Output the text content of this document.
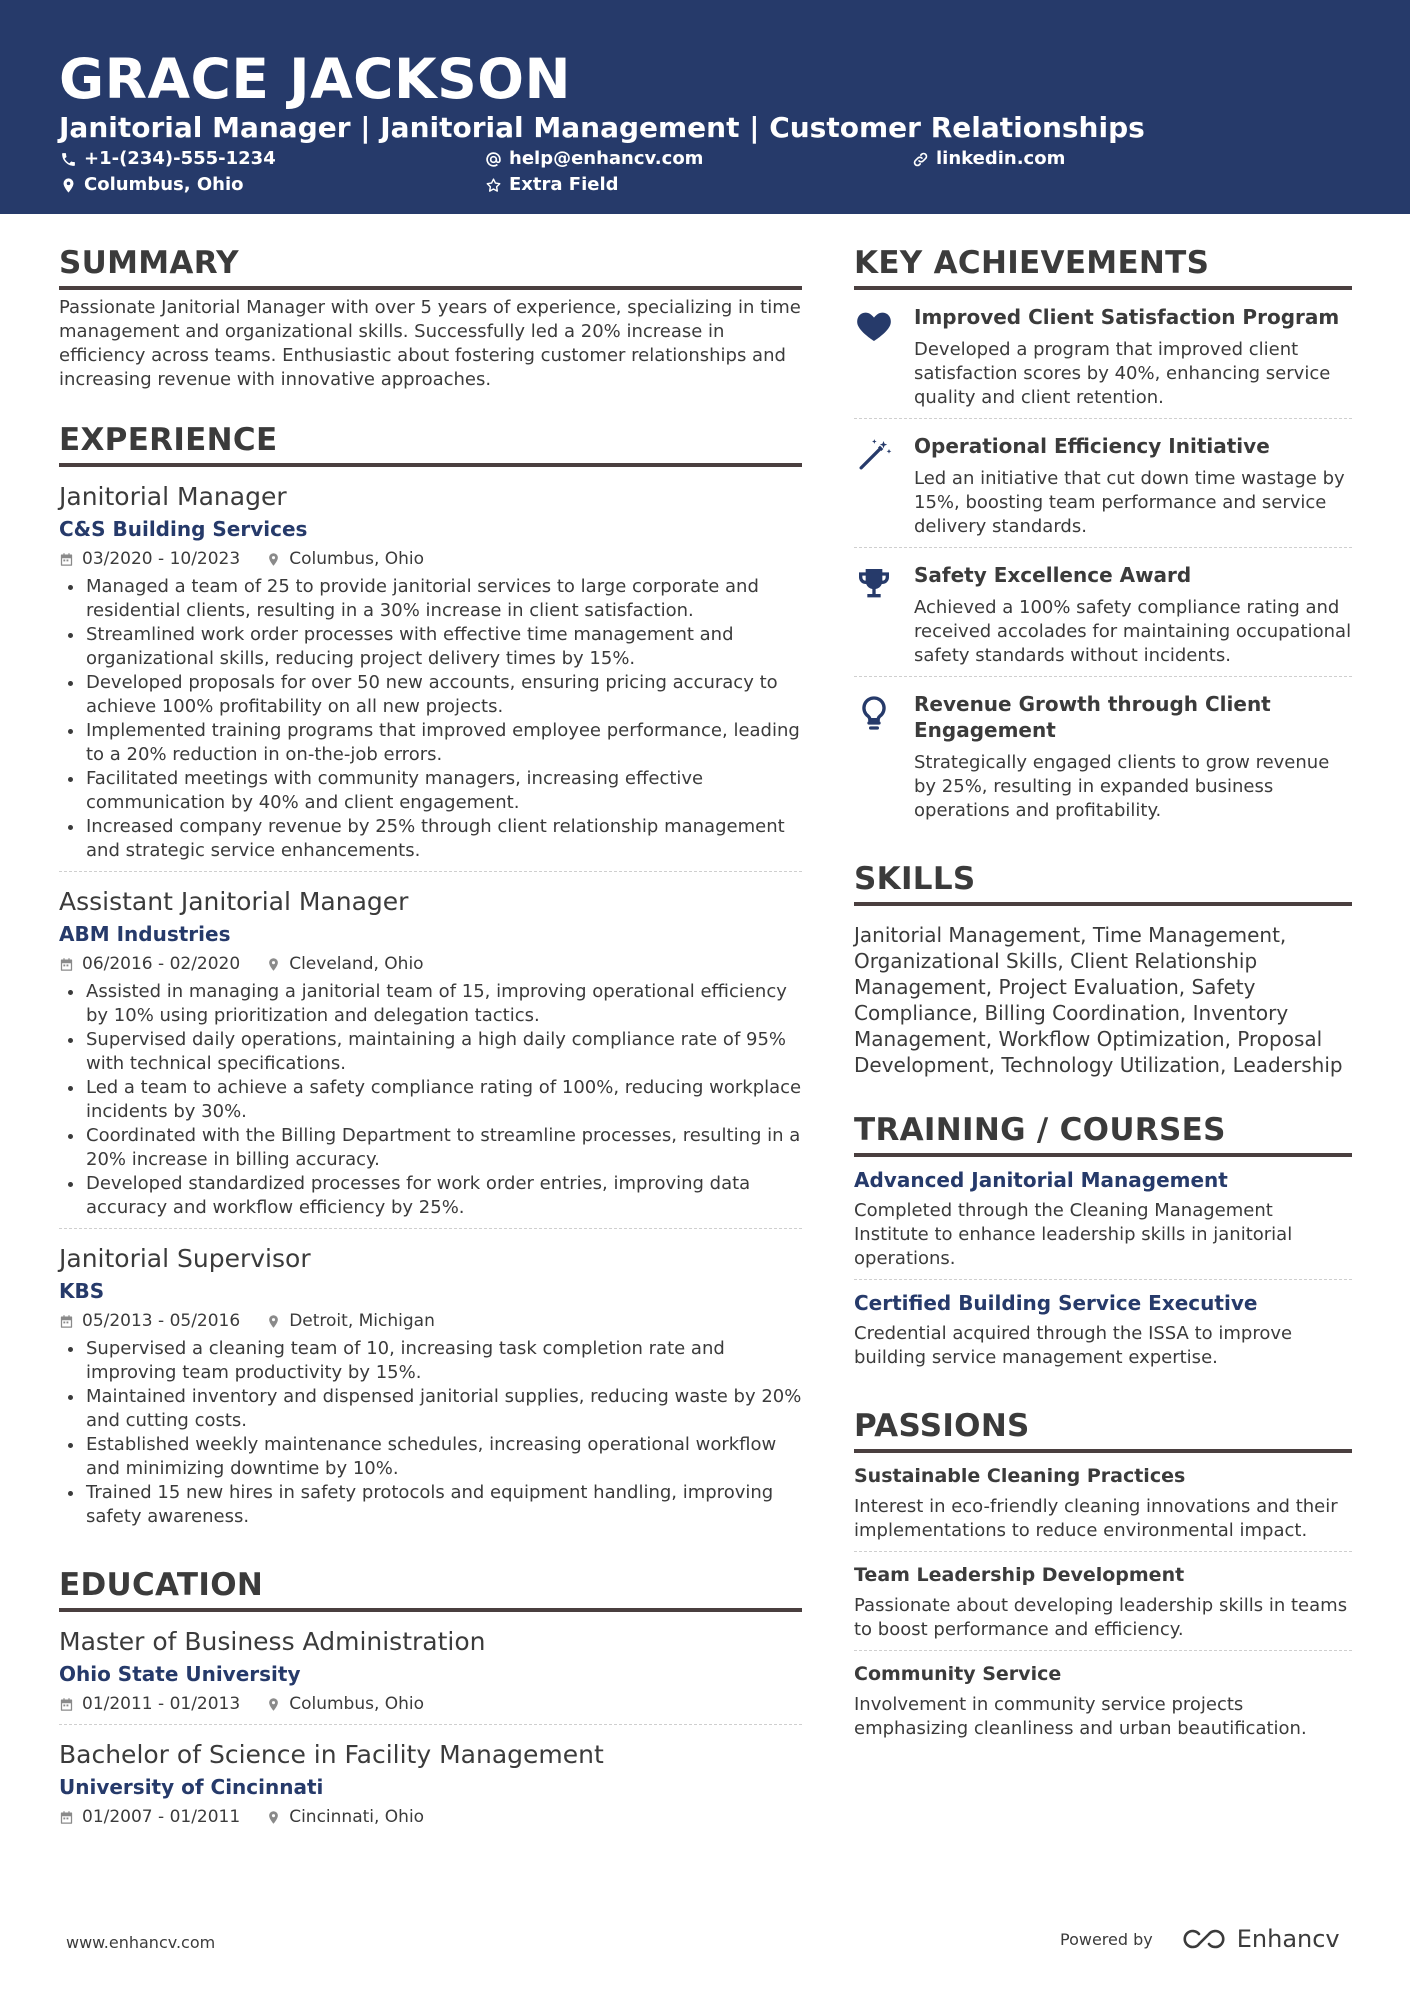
GRACE JACKSON
Janitorial Manager | Janitorial Management | Customer Relationships
+1-(234)-555-1234	help@enhancv.com	linkedin.com
Columbus, Ohio	Extra Field
SUMMARY
Passionate Janitorial Manager with over 5 years of experience, specializing in time management and organizational skills. Successfully led a 20% increase in efficiency across teams. Enthusiastic about fostering customer relationships and increasing revenue with innovative approaches.
EXPERIENCE
Janitorial Manager
C&S Building Services
03/2020 - 10/2023	Columbus, Ohio
Managed a team of 25 to provide janitorial services to large corporate and residential clients, resulting in a 30% increase in client satisfaction.
Streamlined work order processes with effective time management and organizational skills, reducing project delivery times by 15%.
Developed proposals for over 50 new accounts, ensuring pricing accuracy to achieve 100% profitability on all new projects.
Implemented training programs that improved employee performance, leading to a 20% reduction in on-the-job errors.
Facilitated meetings with community managers, increasing effective communication by 40% and client engagement.
Increased company revenue by 25% through client relationship management and strategic service enhancements.
Assistant Janitorial Manager
ABM Industries
06/2016 - 02/2020	Cleveland, Ohio
Assisted in managing a janitorial team of 15, improving operational efficiency by 10% using prioritization and delegation tactics.
Supervised daily operations, maintaining a high daily compliance rate of 95% with technical specifications.
Led a team to achieve a safety compliance rating of 100%, reducing workplace incidents by 30%.
Coordinated with the Billing Department to streamline processes, resulting in a 20% increase in billing accuracy.
Developed standardized processes for work order entries, improving data accuracy and workflow efficiency by 25%.
Janitorial Supervisor
KBS
05/2013 - 05/2016	Detroit, Michigan
Supervised a cleaning team of 10, increasing task completion rate and improving team productivity by 15%.
Maintained inventory and dispensed janitorial supplies, reducing waste by 20% and cutting costs.
Established weekly maintenance schedules, increasing operational workflow and minimizing downtime by 10%.
Trained 15 new hires in safety protocols and equipment handling, improving safety awareness.
EDUCATION
Master of Business Administration
Ohio State University
01/2011 - 01/2013	Columbus, Ohio
Bachelor of Science in Facility Management
University of Cincinnati
01/2007 - 01/2011	Cincinnati, Ohio
KEY ACHIEVEMENTS
Improved Client Satisfaction Program
Developed a program that improved client satisfaction scores by 40%, enhancing service quality and client retention.
Operational Efficiency Initiative
Led an initiative that cut down time wastage by 15%, boosting team performance and service delivery standards.
Safety Excellence Award
Achieved a 100% safety compliance rating and received accolades for maintaining occupational safety standards without incidents.
Revenue Growth through Client Engagement
Strategically engaged clients to grow revenue by 25%, resulting in expanded business operations and profitability.
SKILLS
Janitorial Management, Time Management, Organizational Skills, Client Relationship Management, Project Evaluation, Safety Compliance, Billing Coordination, Inventory Management, Workflow Optimization, Proposal Development, Technology Utilization, Leadership
TRAINING / COURSES
Advanced Janitorial Management
Completed through the Cleaning Management Institute to enhance leadership skills in janitorial operations.
Certified Building Service Executive
Credential acquired through the ISSA to improve building service management expertise.
PASSIONS
Sustainable Cleaning Practices
Interest in eco-friendly cleaning innovations and their implementations to reduce environmental impact.
Team Leadership Development
Passionate about developing leadership skills in teams to boost performance and efficiency.
Community Service
Involvement in community service projects emphasizing cleanliness and urban beautification.
www.enhancv.com	Powered by	Enhancv
